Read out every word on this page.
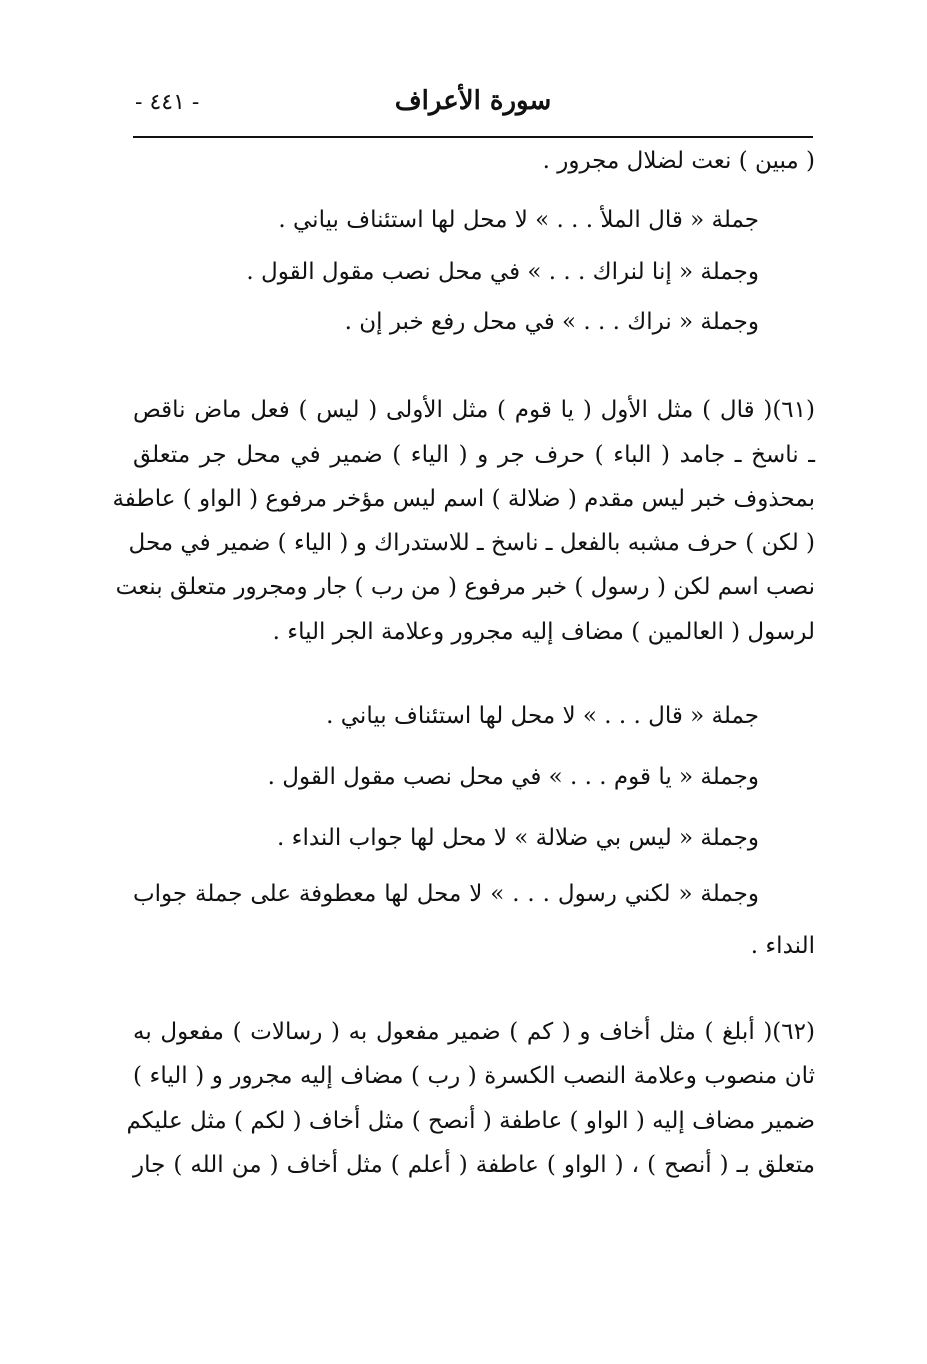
- ٤٤١ -	سورة الأعراف
( مبين ) نعت لضلال مجرور .
جملة « قال الملأ . . . » لا محل لها استئناف بياني .
وجملة « إنا لنراك . . . » في محل نصب مقول القول .
وجملة « نراك . . . » في محل رفع خبر إن .
(٦١)( قال ) مثل الأول ( يا قوم ) مثل الأولى ( ليس ) فعل ماض ناقص
ـ ناسخ ـ جامد ( الباء ) حرف جر و ( الياء ) ضمير في محل جر متعلق
بمحذوف خبر ليس مقدم ( ضلالة ) اسم ليس مؤخر مرفوع ( الواو ) عاطفة
( لكن ) حرف مشبه بالفعل ـ ناسخ ـ للاستدراك و ( الياء ) ضمير في محل
نصب اسم لكن ( رسول ) خبر مرفوع ( من رب ) جار ومجرور متعلق بنعت
لرسول ( العالمين ) مضاف إليه مجرور وعلامة الجر الياء .
جملة « قال . . . » لا محل لها استئناف بياني .
وجملة « يا قوم . . . » في محل نصب مقول القول .
وجملة « ليس بي ضلالة » لا محل لها جواب النداء .
وجملة « لكني رسول . . . » لا محل لها معطوفة على جملة جواب
النداء .
(٦٢)( أبلغ ) مثل أخاف و ( كم ) ضمير مفعول به ( رسالات ) مفعول به
ثان منصوب وعلامة النصب الكسرة ( رب ) مضاف إليه مجرور و ( الياء )
ضمير مضاف إليه ( الواو ) عاطفة ( أنصح ) مثل أخاف ( لكم ) مثل عليكم
متعلق بـ ( أنصح ) ، ( الواو ) عاطفة ( أعلم ) مثل أخاف ( من الله ) جار
